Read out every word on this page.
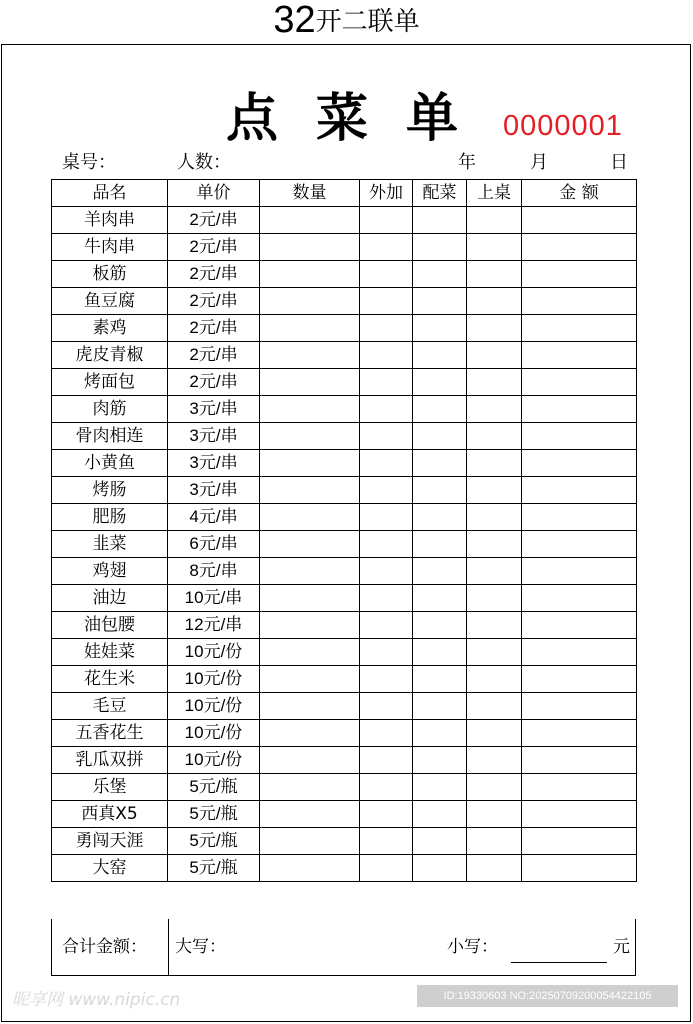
32开二联单
点菜单 0000001
桌号：	人数：	年	月	日
品名	单价	数量	外加	配菜	上桌	金 额
羊肉串	2元/串					
牛肉串	2元/串					
板筋	2元/串					
鱼豆腐	2元/串					
素鸡	2元/串					
虎皮青椒	2元/串					
烤面包	2元/串					
肉筋	3元/串					
骨肉相连	3元/串					
小黄鱼	3元/串					
烤肠	3元/串					
肥肠	4元/串					
韭菜	6元/串					
鸡翅	8元/串					
油边	10元/串					
油包腰	12元/串					
娃娃菜	10元/份					
花生米	10元/份					
毛豆	10元/份					
五香花生	10元/份					
乳瓜双拼	10元/份					
乐堡	5元/瓶					
西真X5	5元/瓶					
勇闯天涯	5元/瓶					
大窑	5元/瓶					
合计金额： 大写：	小写：	元
昵享网 www.nipic.cn	ID:19330603 NO:20250709200054422105
